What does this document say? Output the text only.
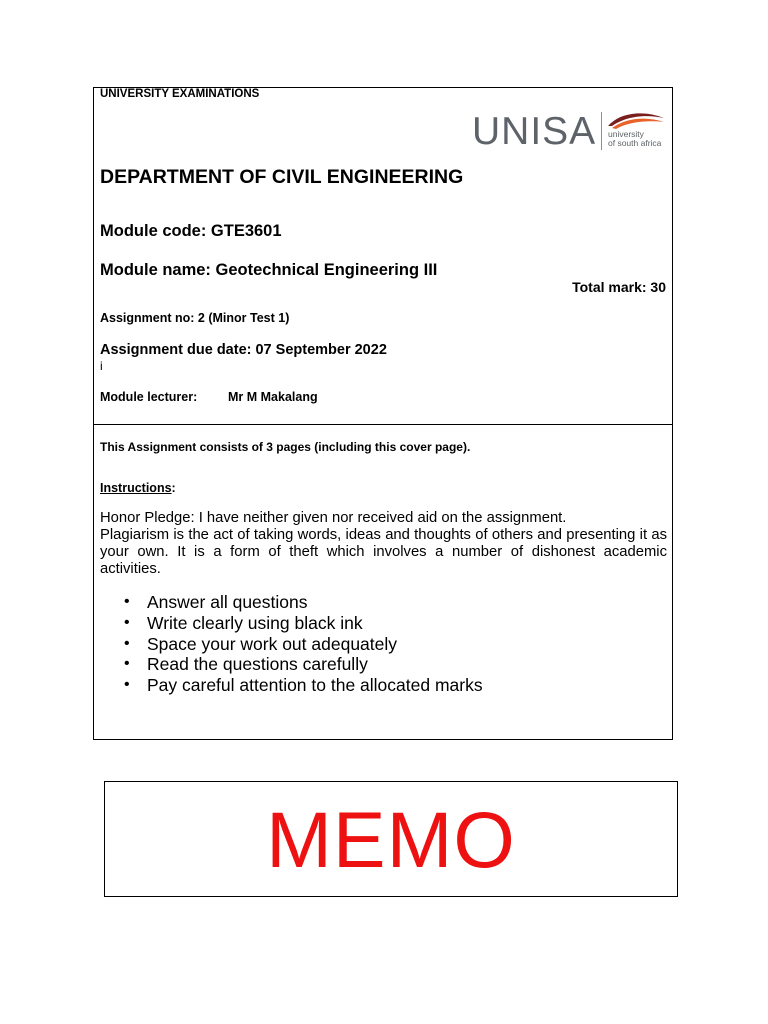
UNIVERSITY EXAMINATIONS
UNISA university
of south africa
DEPARTMENT OF CIVIL ENGINEERING
Module code: GTE3601
Module name: Geotechnical Engineering III
Total mark: 30
Assignment no: 2 (Minor Test 1)
Assignment due date: 07 September 2022
i
Module lecturer: Mr M Makalang
This Assignment consists of 3 pages (including this cover page).
Instructions:

Honor Pledge: I have neither given nor received aid on the assignment.

Plagiarism is the act of taking words, ideas and thoughts of others and presenting it as your own. It is a form of theft which involves a number of dishonest academic activities.

• Answer all questions
• Write clearly using black ink
• Space your work out adequately
• Read the questions carefully
• Pay careful attention to the allocated marks
MEMO
